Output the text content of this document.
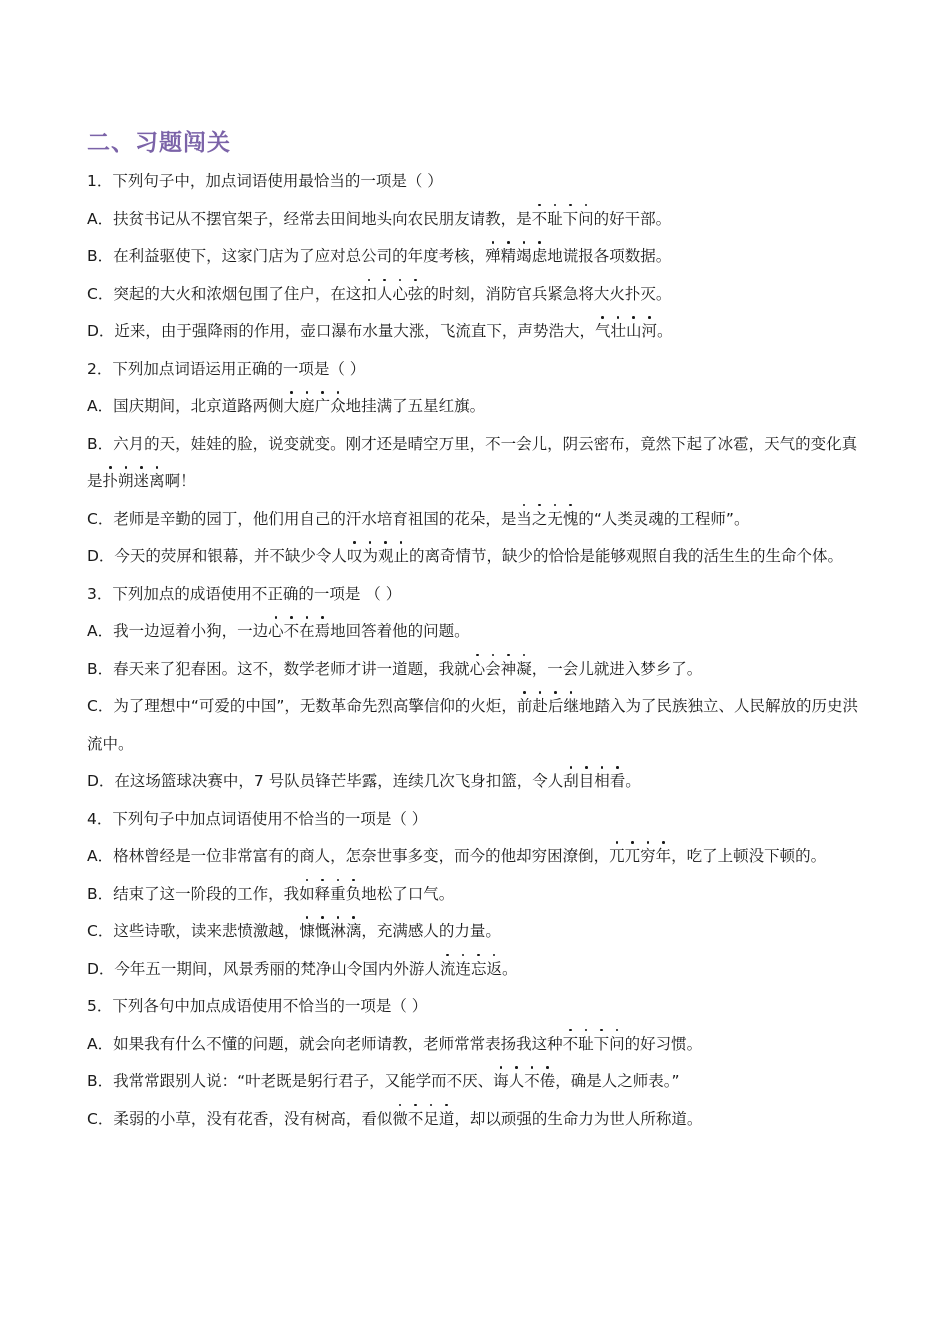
二、习题闯关

1．下列句子中，加点词语使用最恰当的一项是（ ）

A．扶贫书记从不摆官架子，经常去田间地头向农民朋友请教，是不耻下问的好干部。

B．在利益驱使下，这家门店为了应对总公司的年度考核，殚精竭虑地谎报各项数据。

C．突起的大火和浓烟包围了住户，在这扣人心弦的时刻，消防官兵紧急将大火扑灭。

D．近来，由于强降雨的作用，壶口瀑布水量大涨，飞流直下，声势浩大，气壮山河。

2．下列加点词语运用正确的一项是（ ）

A．国庆期间，北京道路两侧大庭广众地挂满了五星红旗。

B．六月的天，娃娃的脸，说变就变。刚才还是晴空万里，不一会儿，阴云密布，竟然下起了冰雹，天气的变化真是扑朔迷离啊！

C．老师是辛勤的园丁，他们用自己的汗水培育祖国的花朵，是当之无愧的“人类灵魂的工程师”。

D．今天的荧屏和银幕，并不缺少令人叹为观止的离奇情节，缺少的恰恰是能够观照自我的活生生的生命个体。

3．下列加点的成语使用不正确的一项是 （ ）

A．我一边逗着小狗，一边心不在焉地回答着他的问题。

B．春天来了犯春困。这不，数学老师才讲一道题，我就心会神凝，一会儿就进入梦乡了。

C．为了理想中“可爱的中国”，无数革命先烈高擎信仰的火炬，前赴后继地踏入为了民族独立、人民解放的历史洪流中。

D．在这场篮球决赛中，7 号队员锋芒毕露，连续几次飞身扣篮，令人刮目相看。

4．下列句子中加点词语使用不恰当的一项是（ ）

A．格林曾经是一位非常富有的商人，怎奈世事多变，而今的他却穷困潦倒，兀兀穷年，吃了上顿没下顿的。

B．结束了这一阶段的工作，我如释重负地松了口气。

C．这些诗歌，读来悲愤激越，慷慨淋漓，充满感人的力量。

D．今年五一期间，风景秀丽的梵净山令国内外游人流连忘返。

5．下列各句中加点成语使用不恰当的一项是（ ）

A．如果我有什么不懂的问题，就会向老师请教，老师常常表扬我这种不耻下问的好习惯。

B．我常常跟别人说：“叶老既是躬行君子，又能学而不厌、诲人不倦，确是人之师表。”

C．柔弱的小草，没有花香，没有树高，看似微不足道，却以顽强的生命力为世人所称道。
